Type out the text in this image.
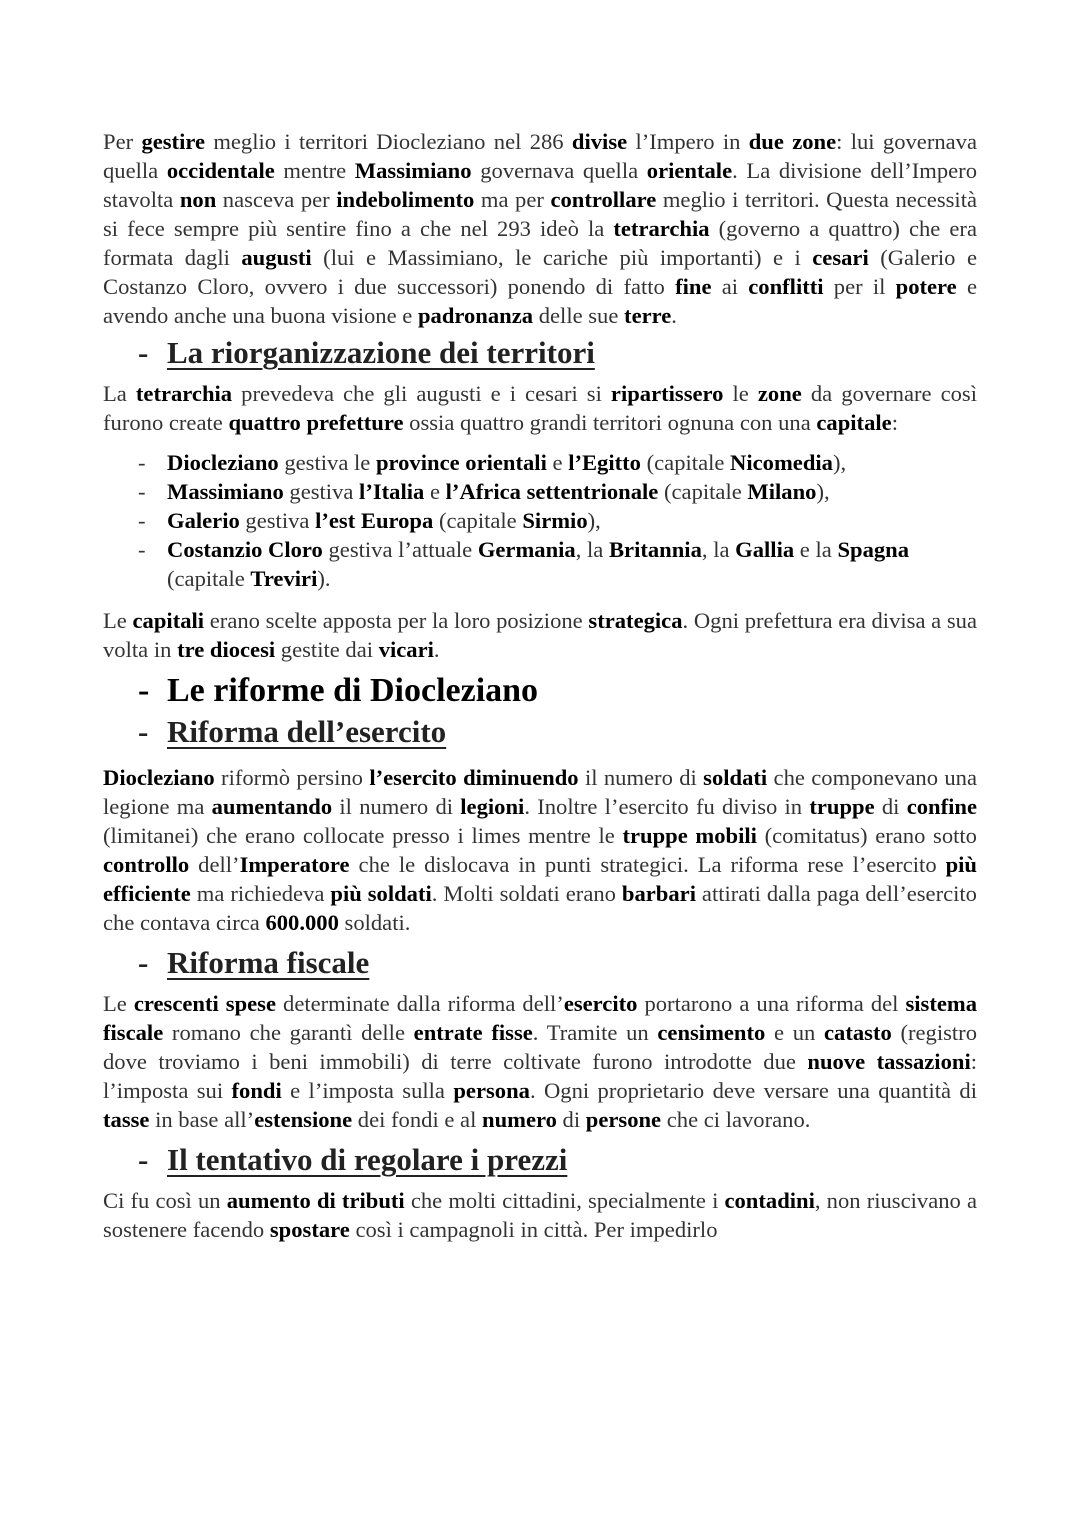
Per gestire meglio i territori Diocleziano nel 286 divise l’Impero in due zone: lui governava quella occidentale mentre Massimiano governava quella orientale. La divisione dell’Impero stavolta non nasceva per indebolimento ma per controllare meglio i territori. Questa necessità si fece sempre più sentire fino a che nel 293 ideò la tetrarchia (governo a quattro) che era formata dagli augusti (lui e Massimiano, le cariche più importanti) e i cesari (Galerio e Costanzo Cloro, ovvero i due successori) ponendo di fatto fine ai conflitti per il potere e avendo anche una buona visione e padronanza delle sue terre.

- La riorganizzazione dei territori

La tetrarchia prevedeva che gli augusti e i cesari si ripartissero le zone da governare così furono create quattro prefetture ossia quattro grandi territori ognuna con una capitale:

- Diocleziano gestiva le province orientali e l’Egitto (capitale Nicomedia),
- Massimiano gestiva l’Italia e l’Africa settentrionale (capitale Milano),
- Galerio gestiva l’est Europa (capitale Sirmio),
- Costanzio Cloro gestiva l’attuale Germania, la Britannia, la Gallia e la Spagna (capitale Treviri).

Le capitali erano scelte apposta per la loro posizione strategica. Ogni prefettura era divisa a sua volta in tre diocesi gestite dai vicari.

- Le riforme di Diocleziano
- Riforma dell’esercito

Diocleziano riformò persino l’esercito diminuendo il numero di soldati che componevano una legione ma aumentando il numero di legioni. Inoltre l’esercito fu diviso in truppe di confine (limitanei) che erano collocate presso i limes mentre le truppe mobili (comitatus) erano sotto controllo dell’Imperatore che le dislocava in punti strategici. La riforma rese l’esercito più efficiente ma richiedeva più soldati. Molti soldati erano barbari attirati dalla paga dell’esercito che contava circa 600.000 soldati.

- Riforma fiscale

Le crescenti spese determinate dalla riforma dell’esercito portarono a una riforma del sistema fiscale romano che garantì delle entrate fisse. Tramite un censimento e un catasto (registro dove troviamo i beni immobili) di terre coltivate furono introdotte due nuove tassazioni: l’imposta sui fondi e l’imposta sulla persona. Ogni proprietario deve versare una quantità di tasse in base all’estensione dei fondi e al numero di persone che ci lavorano.

- Il tentativo di regolare i prezzi

Ci fu così un aumento di tributi che molti cittadini, specialmente i contadini, non riuscivano a sostenere facendo spostare così i campagnoli in città. Per impedirlo
